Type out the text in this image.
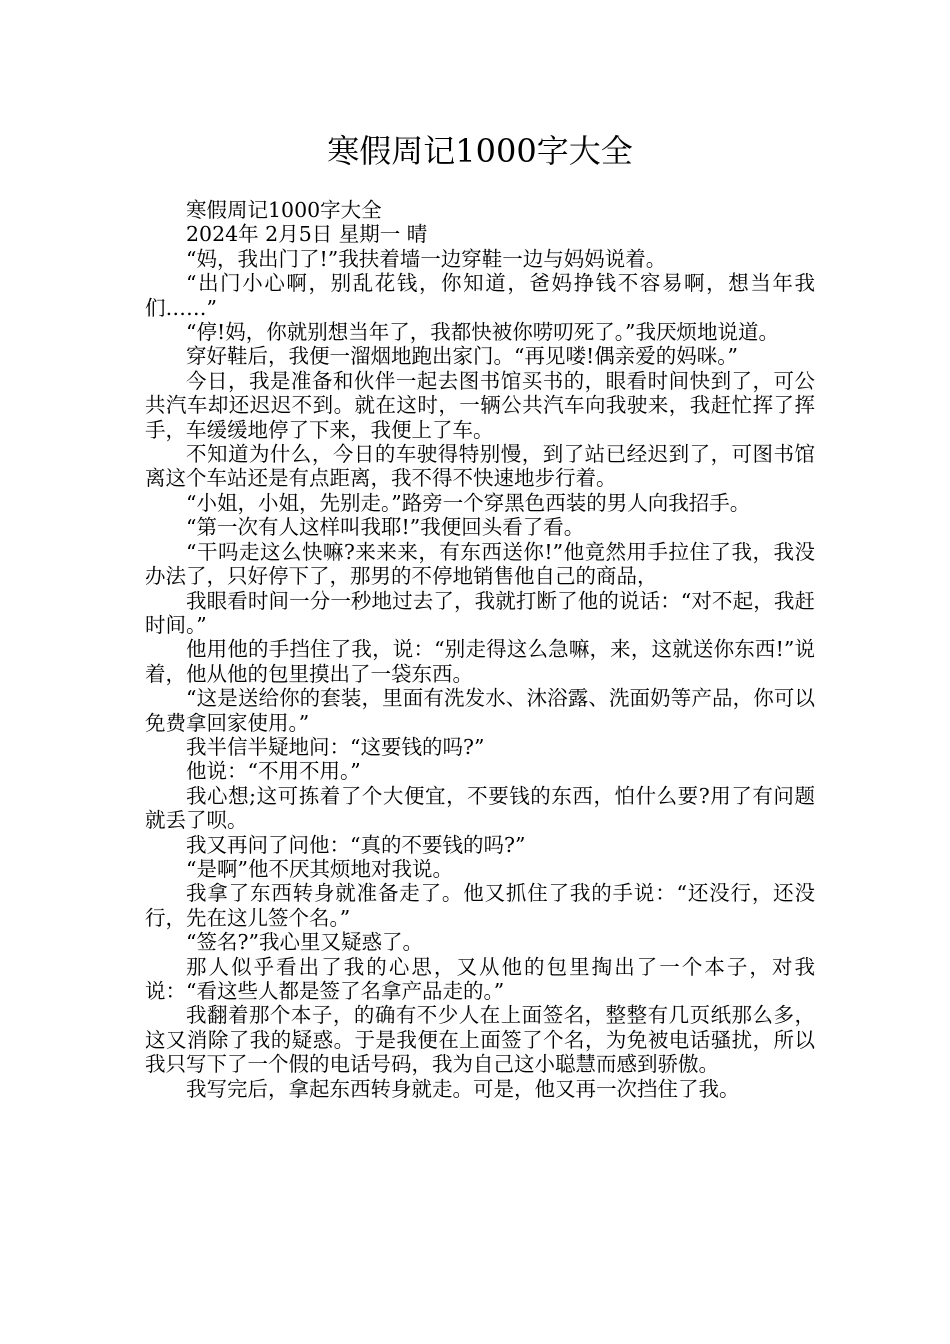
寒假周记1000字大全

寒假周记1000字大全

2024年 2月5日 星期一 晴

“妈，我出门了!”我扶着墙一边穿鞋一边与妈妈说着。

“出门小心啊，别乱花钱，你知道，爸妈挣钱不容易啊，想当年我们……”

“停!妈，你就别想当年了，我都快被你唠叨死了。”我厌烦地说道。

穿好鞋后，我便一溜烟地跑出家门。“再见喽!偶亲爱的妈咪。”

今日，我是准备和伙伴一起去图书馆买书的，眼看时间快到了，可公共汽车却还迟迟不到。就在这时，一辆公共汽车向我驶来，我赶忙挥了挥手，车缓缓地停了下来，我便上了车。

不知道为什么，今日的车驶得特别慢，到了站已经迟到了，可图书馆离这个车站还是有点距离，我不得不快速地步行着。

“小姐，小姐，先别走。”路旁一个穿黑色西装的男人向我招手。

“第一次有人这样叫我耶!”我便回头看了看。

“干吗走这么快嘛?来来来，有东西送你!”他竟然用手拉住了我，我没办法了，只好停下了，那男的不停地销售他自己的商品，

我眼看时间一分一秒地过去了，我就打断了他的说话：“对不起，我赶时间。”

他用他的手挡住了我，说：“别走得这么急嘛，来，这就送你东西!”说着，他从他的包里摸出了一袋东西。

“这是送给你的套装，里面有洗发水、沐浴露、洗面奶等产品，你可以免费拿回家使用。”

我半信半疑地问：“这要钱的吗?”

他说：“不用不用。”

我心想;这可拣着了个大便宜，不要钱的东西，怕什么要?用了有问题就丢了呗。

我又再问了问他：“真的不要钱的吗?”

“是啊”他不厌其烦地对我说。

我拿了东西转身就准备走了。他又抓住了我的手说：“还没行，还没行，先在这儿签个名。”

“签名?”我心里又疑惑了。

那人似乎看出了我的心思，又从他的包里掏出了一个本子，对我说：“看这些人都是签了名拿产品走的。”

我翻着那个本子，的确有不少人在上面签名，整整有几页纸那么多，这又消除了我的疑惑。于是我便在上面签了个名，为免被电话骚扰，所以我只写下了一个假的电话号码，我为自己这小聪慧而感到骄傲。

我写完后，拿起东西转身就走。可是，他又再一次挡住了我。
